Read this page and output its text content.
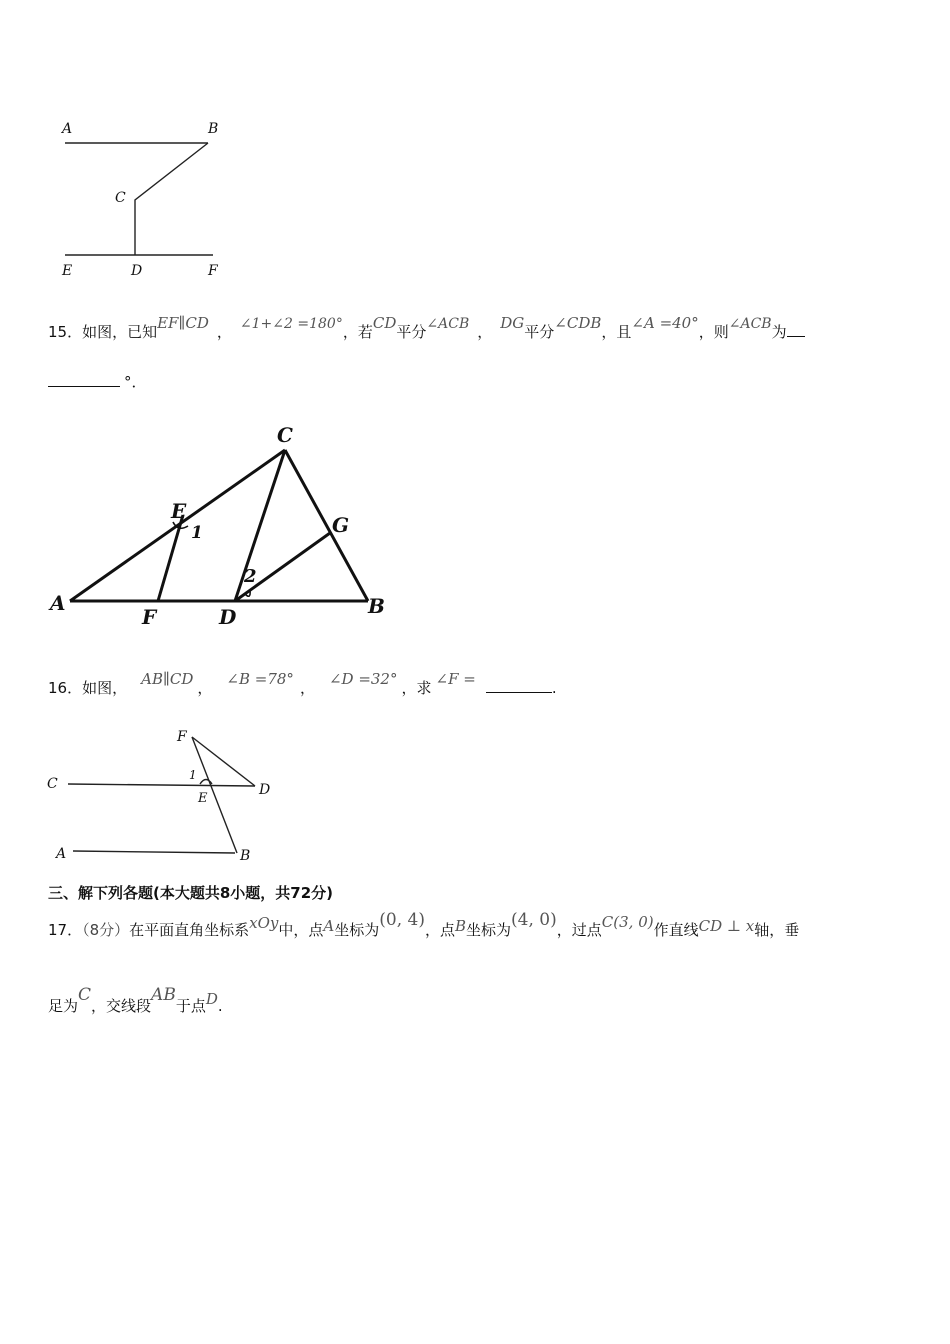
A	B
C
E	D	F
15．如图，已知EF∥CD ， ∠1+∠2 =180°，若CD平分∠ACB ， DG平分∠CDB，且∠A =40°，则∠ACB为
°．
C
E
1	G
2
A
F	D	B
16．如图， AB∥CD ， ∠B =78° ， ∠D =32° ，求 ∠F =	.
F
1
C
E
D
A	B
三、解下列各题(本大题共8小题，共72分)
17．（8分）在平面直角坐标系xOy中，点A坐标为(0, 4)，点B坐标为(4, 0)，过点C(3, 0)作直线CD ⊥ x轴，垂
足为C，交线段AB于点D.
